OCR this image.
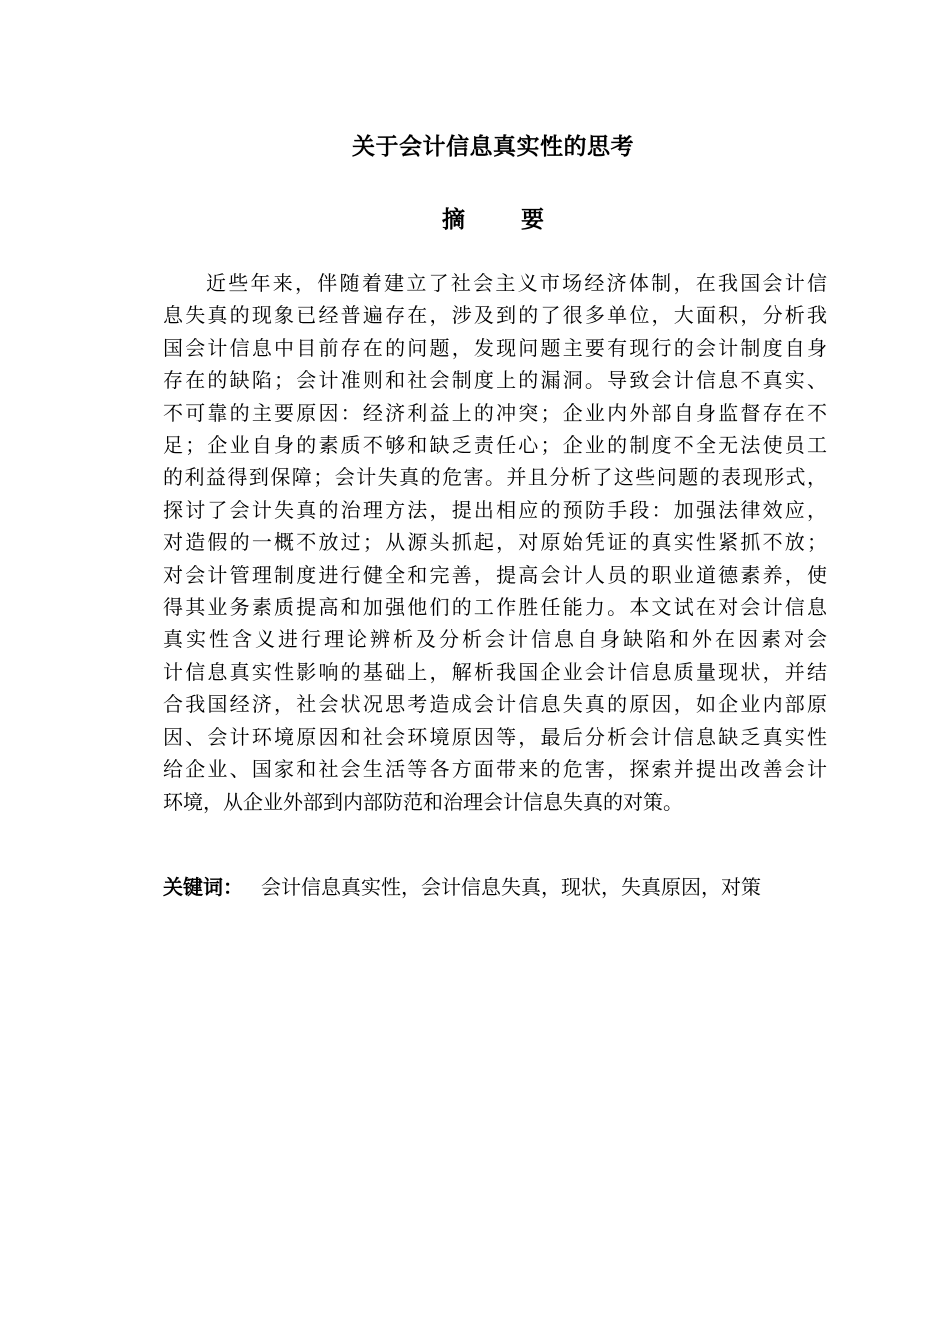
关于会计信息真实性的思考
摘 要
近些年来，伴随着建立了社会主义市场经济体制，在我国会计信
息失真的现象已经普遍存在，涉及到的了很多单位，大面积，分析我
国会计信息中目前存在的问题，发现问题主要有现行的会计制度自身
存在的缺陷；会计准则和社会制度上的漏洞。导致会计信息不真实、
不可靠的主要原因：经济利益上的冲突；企业内外部自身监督存在不
足；企业自身的素质不够和缺乏责任心；企业的制度不全无法使员工
的利益得到保障；会计失真的危害。并且分析了这些问题的表现形式，
探讨了会计失真的治理方法，提出相应的预防手段：加强法律效应，
对造假的一概不放过；从源头抓起，对原始凭证的真实性紧抓不放；
对会计管理制度进行健全和完善，提高会计人员的职业道德素养，使
得其业务素质提高和加强他们的工作胜任能力。本文试在对会计信息
真实性含义进行理论辨析及分析会计信息自身缺陷和外在因素对会
计信息真实性影响的基础上，解析我国企业会计信息质量现状，并结
合我国经济，社会状况思考造成会计信息失真的原因，如企业内部原
因、会计环境原因和社会环境原因等，最后分析会计信息缺乏真实性
给企业、国家和社会生活等各方面带来的危害，探索并提出改善会计
环境，从企业外部到内部防范和治理会计信息失真的对策。
关键词： 会计信息真实性，会计信息失真，现状，失真原因，对策
